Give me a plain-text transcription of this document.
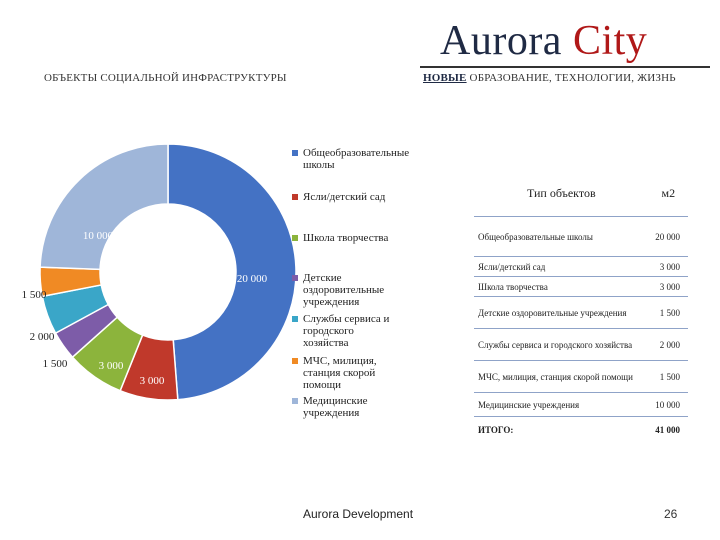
Aurora City
ОБЪЕКТЫ СОЦИАЛЬНОЙ ИНФРАСТРУКТУРЫ	НОВЫЕ ОБРАЗОВАНИЕ, ТЕХНОЛОГИИ, ЖИЗНЬ
20 000
3 000
3 000
1 500
2 000
1 500
10 000
Общеобразовательные школы
Ясли/детский сад
Школа творчества
Детские оздоровительные учреждения
Службы сервиса и городского хозяйства
МЧС, милиция, станция скорой помощи
Медицинские учреждения
Тип объектов	м2
Общеобразовательные школы	20 000
Ясли/детский сад	3 000
Школа творчества	3 000
Детские оздоровительные учреждения	1 500
Службы сервиса и городского хозяйства	2 000
МЧС, милиция, станция скорой помощи	1 500
Медицинские учреждения	10 000
ИТОГО:	41 000
Aurora Development	26
